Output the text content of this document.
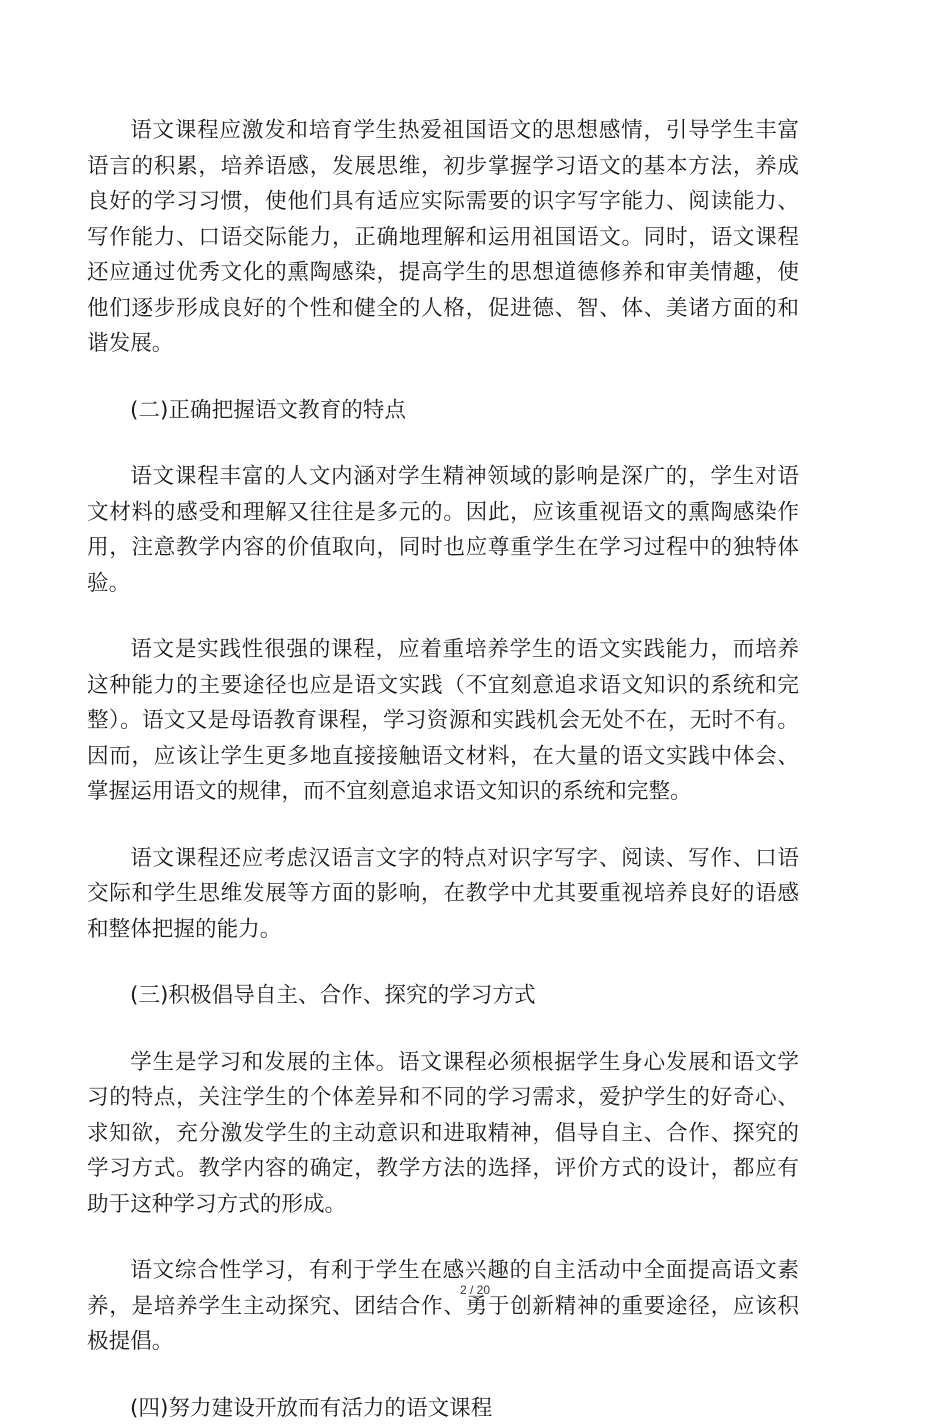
语文课程应激发和培育学生热爱祖国语文的思想感情，引导学生丰富语言的积累，培养语感，发展思维，初步掌握学习语文的基本方法，养成良好的学习习惯，使他们具有适应实际需要的识字写字能力、阅读能力、写作能力、口语交际能力，正确地理解和运用祖国语文。同时，语文课程还应通过优秀文化的熏陶感染，提高学生的思想道德修养和审美情趣，使他们逐步形成良好的个性和健全的人格，促进德、智、体、美诸方面的和谐发展。

(二)正确把握语文教育的特点

语文课程丰富的人文内涵对学生精神领域的影响是深广的，学生对语文材料的感受和理解又往往是多元的。因此，应该重视语文的熏陶感染作用，注意教学内容的价值取向，同时也应尊重学生在学习过程中的独特体验。

语文是实践性很强的课程，应着重培养学生的语文实践能力，而培养这种能力的主要途径也应是语文实践（不宜刻意追求语文知识的系统和完整）。语文又是母语教育课程，学习资源和实践机会无处不在，无时不有。因而，应该让学生更多地直接接触语文材料，在大量的语文实践中体会、掌握运用语文的规律，而不宜刻意追求语文知识的系统和完整。

语文课程还应考虑汉语言文字的特点对识字写字、阅读、写作、口语交际和学生思维发展等方面的影响，在教学中尤其要重视培养良好的语感和整体把握的能力。

(三)积极倡导自主、合作、探究的学习方式

学生是学习和发展的主体。语文课程必须根据学生身心发展和语文学习的特点，关注学生的个体差异和不同的学习需求，爱护学生的好奇心、求知欲，充分激发学生的主动意识和进取精神，倡导自主、合作、探究的学习方式。教学内容的确定，教学方法的选择，评价方式的设计，都应有助于这种学习方式的形成。

语文综合性学习，有利于学生在感兴趣的自主活动中全面提高语文素养，是培养学生主动探究、团结合作、勇于创新精神的重要途径，应该积极提倡。

(四)努力建设开放而有活力的语文课程

2 / 20
